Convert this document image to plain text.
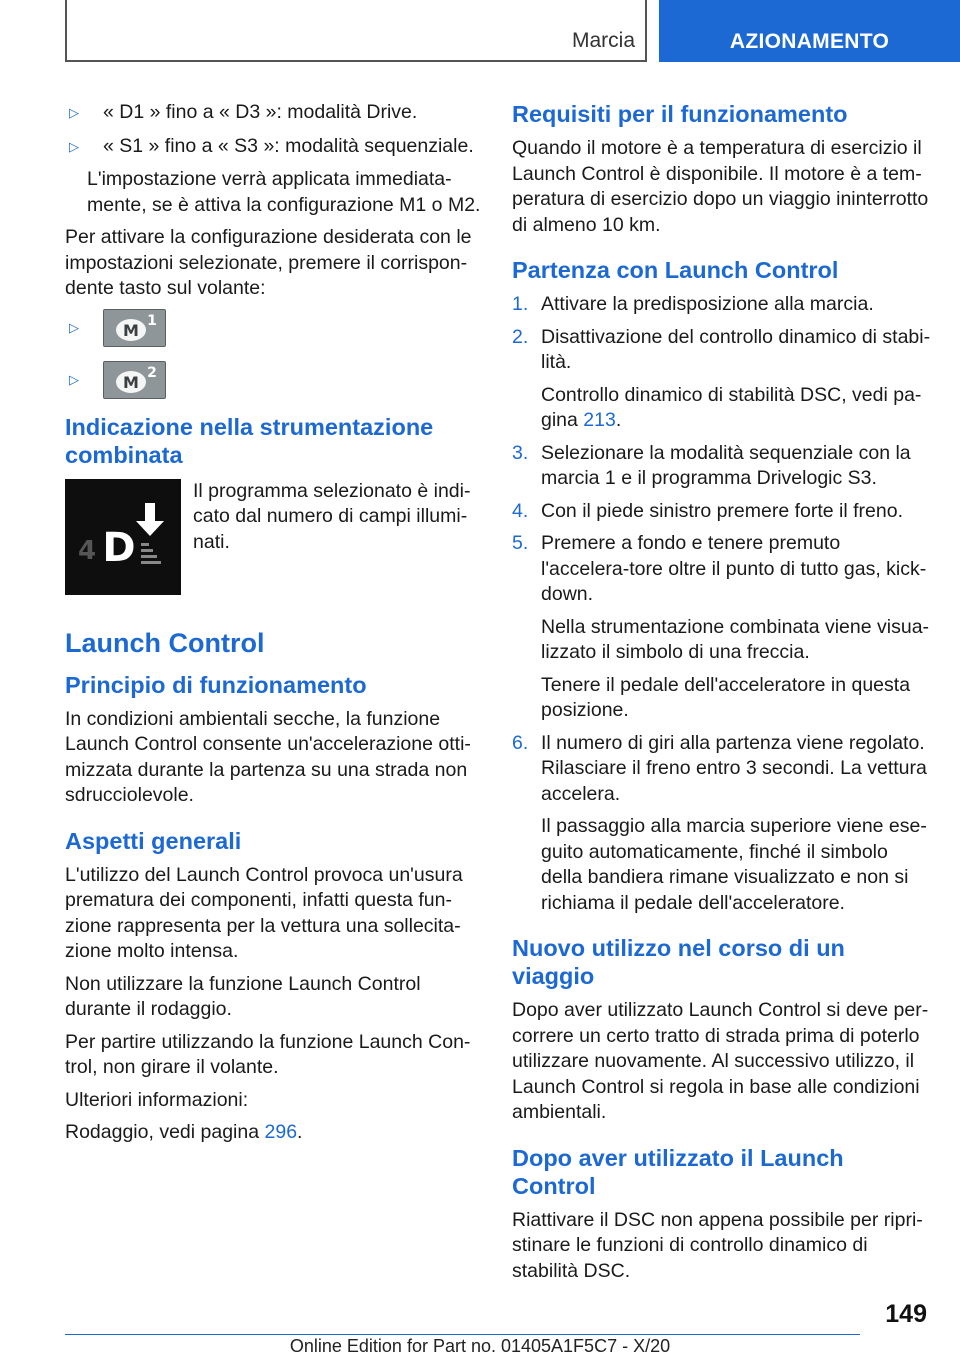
Marcia	AZIONAMENTO
▷	« D1 » fino a « D3 »: modalità Drive.
▷	« S1 » fino a « S3 »: modalità sequenziale.

L'impostazione verrà applicata immediata-mente, se è attiva la configurazione M1 o M2.

Per attivare la configurazione desiderata con le impostazioni selezionate, premere il corrispon-dente tasto sul volante:

▷	M 1
▷	M 2
Indicazione nella strumentazione combinata
4 D
Il programma selezionato è indi-cato dal numero di campi illumi-nati.
Launch Control
Principio di funzionamento

In condizioni ambientali secche, la funzione Launch Control consente un'accelerazione otti-mizzata durante la partenza su una strada non sdrucciolevole.

Aspetti generali

L'utilizzo del Launch Control provoca un'usura prematura dei componenti, infatti questa fun-zione rappresenta per la vettura una sollecita-zione molto intensa.

Non utilizzare la funzione Launch Control durante il rodaggio.

Per partire utilizzando la funzione Launch Con-trol, non girare il volante.

Ulteriori informazioni:

Rodaggio, vedi pagina 296.

Requisiti per il funzionamento

Quando il motore è a temperatura di esercizio il Launch Control è disponibile. Il motore è a tem-peratura di esercizio dopo un viaggio ininterrotto di almeno 10 km.

Partenza con Launch Control
1. Attivare la predisposizione alla marcia.
2. Disattivazione del controllo dinamico di stabi-lità.

Controllo dinamico di stabilità DSC, vedi pa-gina 213.

3. Selezionare la modalità sequenziale con la marcia 1 e il programma Drivelogic S3.
4. Con il piede sinistro premere forte il freno.
5. Premere a fondo e tenere premuto l'accelera-tore oltre il punto di tutto gas, kick-down.

Nella strumentazione combinata viene visua-lizzato il simbolo di una freccia.

Tenere il pedale dell'acceleratore in questa posizione.

6. Il numero di giri alla partenza viene regolato. Rilasciare il freno entro 3 secondi. La vettura accelera.

Il passaggio alla marcia superiore viene ese-guito automaticamente, finché il simbolo della bandiera rimane visualizzato e non si richiama il pedale dell'acceleratore.

Nuovo utilizzo nel corso di un viaggio

Dopo aver utilizzato Launch Control si deve per-correre un certo tratto di strada prima di poterlo utilizzare nuovamente. Al successivo utilizzo, il Launch Control si regola in base alle condizioni ambientali.

Dopo aver utilizzato il Launch Control

Riattivare il DSC non appena possibile per ripri-stinare le funzioni di controllo dinamico di stabilità DSC.

149
Online Edition for Part no. 01405A1F5C7 - X/20
